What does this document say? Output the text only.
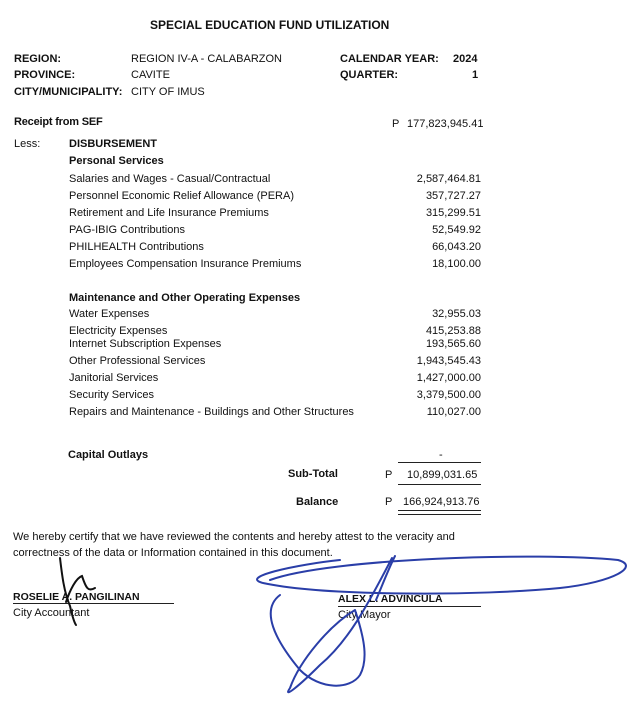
SPECIAL EDUCATION FUND UTILIZATION
REGION:	REGION IV-A - CALABARZON
PROVINCE:	CAVITE
CITY/MUNICIPALITY: CITY OF IMUS
CALENDAR YEAR: 2024
QUARTER:	1
Receipt from SEF	P 177,823,945.41
Less:	DISBURSEMENT
Personal Services
Salaries and Wages - Casual/Contractual	2,587,464.81
Personnel Economic Relief Allowance (PERA)	357,727.27
Retirement and Life Insurance Premiums	315,299.51
PAG-IBIG Contributions	52,549.92
PHILHEALTH Contributions	66,043.20
Employees Compensation Insurance Premiums	18,100.00
Maintenance and Other Operating Expenses
Water Expenses	32,955.03
Electricity Expenses	415,253.88
Internet Subscription Expenses	193,565.60
Other Professional Services	1,943,545.43
Janitorial Services	1,427,000.00
Security Services	3,379,500.00
Repairs and Maintenance - Buildings and Other Structures	110,027.00
Capital Outlays	-
Sub-Total	P 10,899,031.65
Balance	P 166,924,913.76
We hereby certify that we have reviewed the contents and hereby attest to the veracity and
correctness of the data or Information contained in this document.
ROSELIE A. PANGILINAN
City Accountant
ALEX L. ADVINCULA
City Mayor
